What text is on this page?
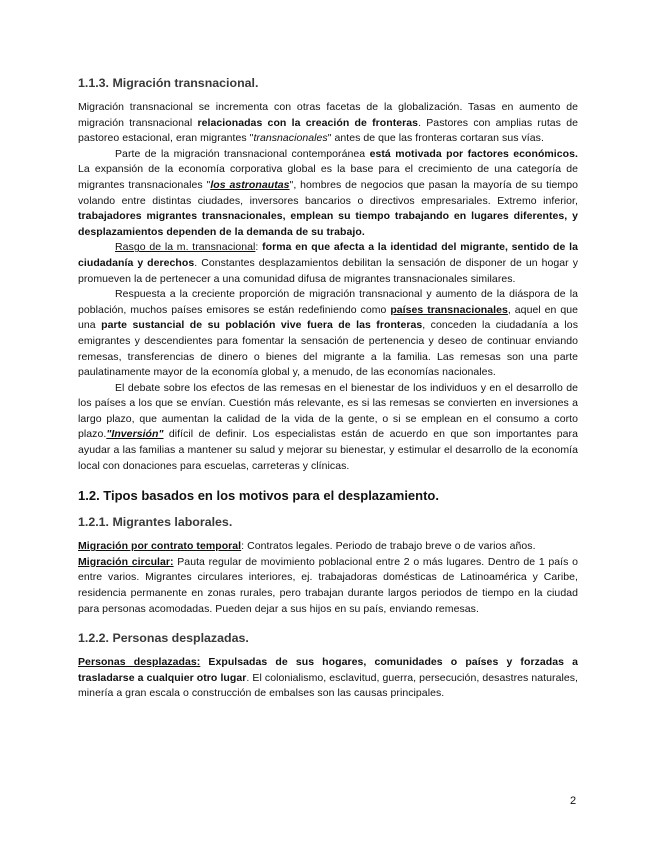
1.1.3. Migración transnacional.

Migración transnacional se incrementa con otras facetas de la globalización. Tasas en aumento de migración transnacional relacionadas con la creación de fronteras. Pastores con amplias rutas de pastoreo estacional, eran migrantes "transnacionales" antes de que las fronteras cortaran sus vías.

Parte de la migración transnacional contemporánea está motivada por factores económicos. La expansión de la economía corporativa global es la base para el crecimiento de una categoría de migrantes transnacionales "los astronautas", hombres de negocios que pasan la mayoría de su tiempo volando entre distintas ciudades, inversores bancarios o directivos empresariales. Extremo inferior, trabajadores migrantes transnacionales, emplean su tiempo trabajando en lugares diferentes, y desplazamientos dependen de la demanda de su trabajo.

Rasgo de la m. transnacional: forma en que afecta a la identidad del migrante, sentido de la ciudadanía y derechos. Constantes desplazamientos debilitan la sensación de disponer de un hogar y promueven la de pertenecer a una comunidad difusa de migrantes transnacionales similares.

Respuesta a la creciente proporción de migración transnacional y aumento de la diáspora de la población, muchos países emisores se están redefiniendo como países transnacionales, aquel en que una parte sustancial de su población vive fuera de las fronteras, conceden la ciudadanía a los emigrantes y descendientes para fomentar la sensación de pertenencia y deseo de continuar enviando remesas, transferencias de dinero o bienes del migrante a la familia. Las remesas son una parte paulatinamente mayor de la economía global y, a menudo, de las economías nacionales.

El debate sobre los efectos de las remesas en el bienestar de los individuos y en el desarrollo de los países a los que se envían. Cuestión más relevante, es si las remesas se convierten en inversiones a largo plazo, que aumentan la calidad de la vida de la gente, o si se emplean en el consumo a corto plazo."Inversión" difícil de definir. Los especialistas están de acuerdo en que son importantes para ayudar a las familias a mantener su salud y mejorar su bienestar, y estimular el desarrollo de la economía local con donaciones para escuelas, carreteras y clínicas.

1.2. Tipos basados en los motivos para el desplazamiento.
1.2.1. Migrantes laborales.

Migración por contrato temporal: Contratos legales. Periodo de trabajo breve o de varios años.

Migración circular: Pauta regular de movimiento poblacional entre 2 o más lugares. Dentro de 1 país o entre varios. Migrantes circulares interiores, ej. trabajadoras domésticas de Latinoamérica y Caribe, residencia permanente en zonas rurales, pero trabajan durante largos periodos de tiempo en la ciudad para personas acomodadas. Pueden dejar a sus hijos en su país, enviando remesas.

1.2.2. Personas desplazadas.

Personas desplazadas: Expulsadas de sus hogares, comunidades o países y forzadas a trasladarse a cualquier otro lugar. El colonialismo, esclavitud, guerra, persecución, desastres naturales, minería a gran escala o construcción de embalses son las causas principales.

2
